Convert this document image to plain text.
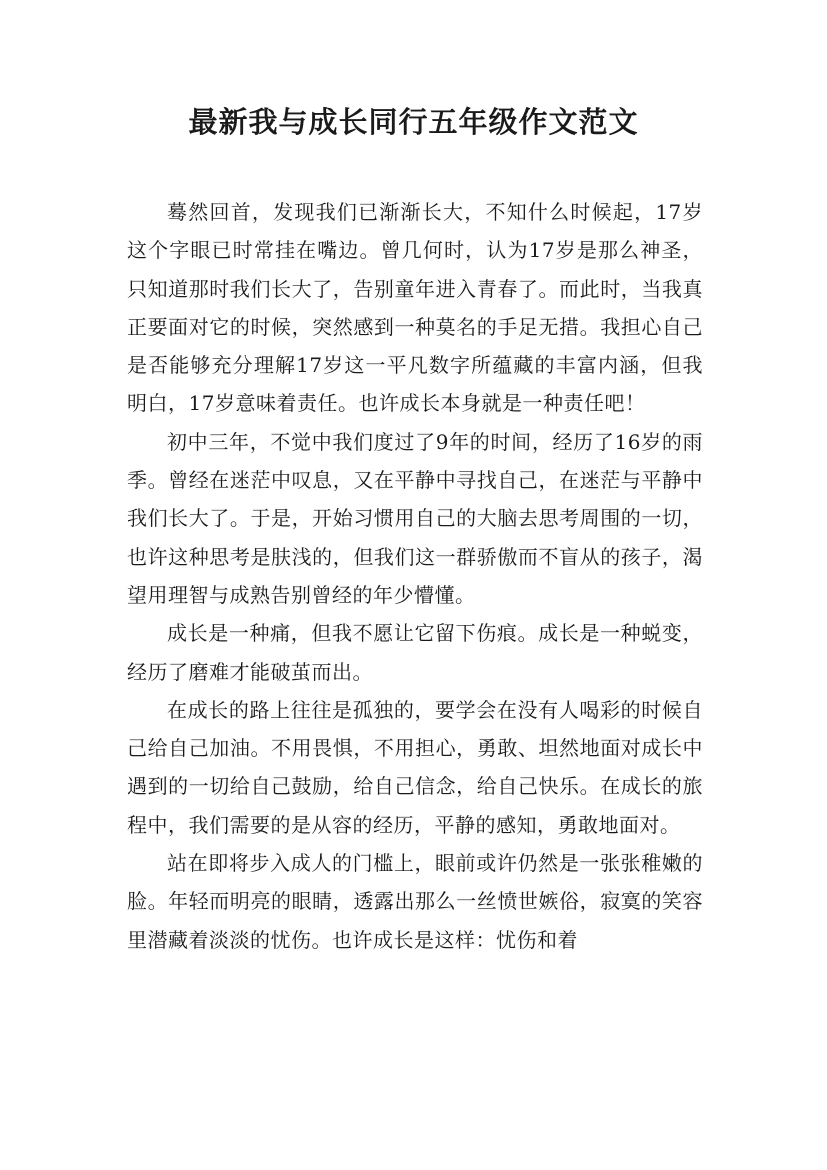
最新我与成长同行五年级作文范文

蓦然回首，发现我们已渐渐长大，不知什么时候起，17岁这个字眼已时常挂在嘴边。曾几何时，认为17岁是那么神圣，只知道那时我们长大了，告别童年进入青春了。而此时，当我真正要面对它的时候，突然感到一种莫名的手足无措。我担心自己是否能够充分理解17岁这一平凡数字所蕴藏的丰富内涵，但我明白，17岁意味着责任。也许成长本身就是一种责任吧！

初中三年，不觉中我们度过了9年的时间，经历了16岁的雨季。曾经在迷茫中叹息，又在平静中寻找自己，在迷茫与平静中我们长大了。于是，开始习惯用自己的大脑去思考周围的一切，也许这种思考是肤浅的，但我们这一群骄傲而不盲从的孩子，渴望用理智与成熟告别曾经的年少懵懂。

成长是一种痛，但我不愿让它留下伤痕。成长是一种蜕变，经历了磨难才能破茧而出。

在成长的路上往往是孤独的，要学会在没有人喝彩的时候自己给自己加油。不用畏惧，不用担心，勇敢、坦然地面对成长中遇到的一切给自己鼓励，给自己信念，给自己快乐。在成长的旅程中，我们需要的是从容的经历，平静的感知，勇敢地面对。

站在即将步入成人的门槛上，眼前或许仍然是一张张稚嫩的脸。年轻而明亮的眼睛，透露出那么一丝愤世嫉俗，寂寞的笑容里潜藏着淡淡的忧伤。也许成长是这样：忧伤和着
